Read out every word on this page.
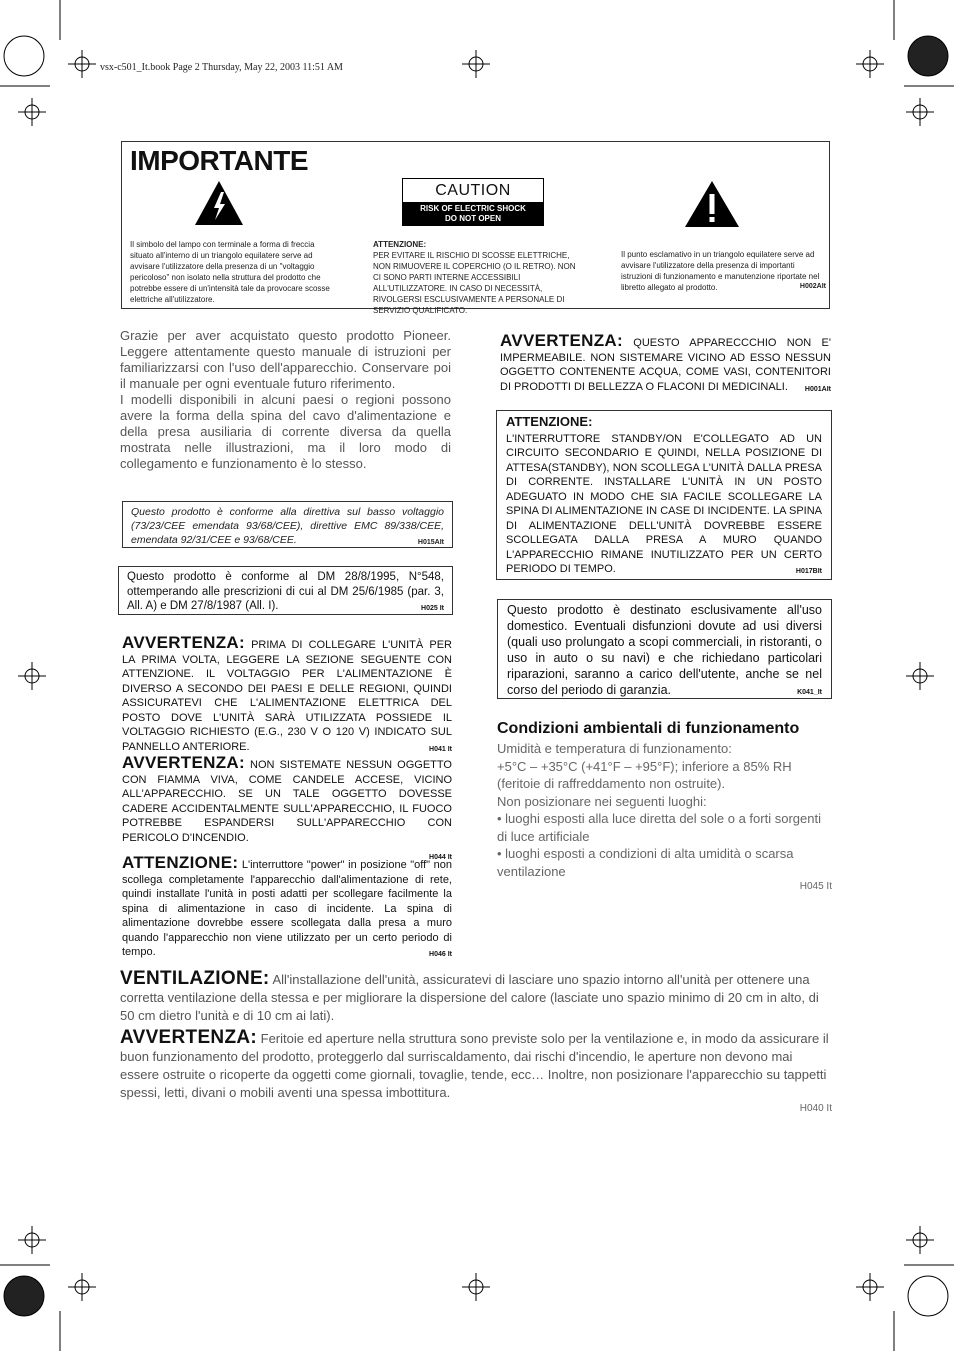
vsx-c501_It.book Page 2 Thursday, May 22, 2003 11:51 AM
IMPORTANTE
CAUTION
RISK OF ELECTRIC SHOCK
DO NOT OPEN
Il simbolo del lampo con terminale a forma di freccia situato all'interno di un triangolo equilatere serve ad avvisare l'utilizzatore della presenza di un "voltaggio pericoloso" non isolato nella struttura del prodotto che potrebbe essere di un'intensità tale da provocare scosse elettriche all'utilizzatore.
ATTENZIONE:
PER EVITARE IL RISCHIO DI SCOSSE ELETTRICHE, NON RIMUOVERE IL COPERCHIO (O IL RETRO). NON CI SONO PARTI INTERNE ACCESSIBILI ALL'UTILIZZATORE. IN CASO DI NECESSITÀ, RIVOLGERSI ESCLUSIVAMENTE A PERSONALE DI SERVIZIO QUALIFICATO.
Il punto esclamativo in un triangolo equilatere serve ad avvisare l'utilizzatore della presenza di importanti istruzioni di funzionamento e manutenzione riportate nel libretto allegato al prodotto.	H002AIt
Grazie per aver acquistato questo prodotto Pioneer. Leggere attentamente questo manuale di istruzioni per familiarizzarsi con l'uso dell'apparecchio. Conservare poi il manuale per ogni eventuale futuro riferimento.
I modelli disponibili in alcuni paesi o regioni possono avere la forma della spina del cavo d'alimentazione e della presa ausiliaria di corrente diversa da quella mostrata nelle illustrazioni, ma il loro modo di collegamento e funzionamento è lo stesso.
Questo prodotto è conforme alla direttiva sul basso voltaggio (73/23/CEE emendata 93/68/CEE), direttive EMC 89/338/CEE, emendata 92/31/CEE e 93/68/CEE.	H015AIt
Questo prodotto è conforme al DM 28/8/1995, N°548, ottemperando alle prescrizioni di cui al DM 25/6/1985 (par. 3, All. A) e DM 27/8/1987 (All. I).	H025 It
AVVERTENZA: PRIMA DI COLLEGARE L'UNITÀ PER LA PRIMA VOLTA, LEGGERE LA SEZIONE SEGUENTE CON ATTENZIONE. IL VOLTAGGIO PER L'ALIMENTAZIONE È DIVERSO A SECONDO DEI PAESI E DELLE REGIONI, QUINDI ASSICURATEVI CHE L'ALIMENTAZIONE ELETTRICA DEL POSTO DOVE L'UNITÀ SARÀ UTILIZZATA POSSIEDE IL VOLTAGGIO RICHIESTO (E.G., 230 V O 120 V) INDICATO SUL PANNELLO ANTERIORE.	H041 It
AVVERTENZA: NON SISTEMATE NESSUN OGGETTO CON FIAMMA VIVA, COME CANDELE ACCESE, VICINO ALL'APPARECCHIO. SE UN TALE OGGETTO DOVESSE CADERE ACCIDENTALMENTE SULL'APPARECCHIO, IL FUOCO POTREBBE ESPANDERSI SULL'APPARECCHIO CON PERICOLO D'INCENDIO.
H044 It
ATTENZIONE: L'interruttore "power" in posizione "off" non scollega completamente l'apparecchio dall'alimentazione di rete, quindi installate l'unità in posti adatti per scollegare facilmente la spina di alimentazione in caso di incidente. La spina di alimentazione dovrebbe essere scollegata dalla presa a muro quando l'apparecchio non viene utilizzato per un certo periodo di tempo.	H046 It
AVVERTENZA: QUESTO APPARECCCHIO NON E' IMPERMEABILE. NON SISTEMARE VICINO AD ESSO NESSUN OGGETTO CONTENENTE ACQUA, COME VASI, CONTENITORI DI PRODOTTI DI BELLEZZA O FLACONI DI MEDICINALI. H001AIt
ATTENZIONE:
L'INTERRUTTORE STANDBY/ON E'COLLEGATO AD UN CIRCUITO SECONDARIO E QUINDI, NELLA POSIZIONE DI ATTESA(STANDBY), NON SCOLLEGA L'UNITÀ DALLA PRESA DI CORRENTE. INSTALLARE L'UNITÀ IN UN POSTO ADEGUATO IN MODO CHE SIA FACILE SCOLLEGARE LA SPINA DI ALIMENTAZIONE IN CASE DI INCIDENTE. LA SPINA DI ALIMENTAZIONE DELL'UNITÀ DOVREBBE ESSERE SCOLLEGATA DALLA PRESA A MURO QUANDO L'APPARECCHIO RIMANE INUTILIZZATO PER UN CERTO PERIODO DI TEMPO.	H017BIt
Questo prodotto è destinato esclusivamente all'uso domestico. Eventuali disfunzioni dovute ad usi diversi (quali uso prolungato a scopi commerciali, in ristoranti, o uso in auto o su navi) e che richiedano particolari riparazioni, saranno a carico dell'utente, anche se nel corso del periodo di garanzia.	K041_It
Condizioni ambientali di funzionamento
Umidità e temperatura di funzionamento:
+5°C – +35°C (+41°F – +95°F); inferiore a 85% RH (feritoie di raffreddamento non ostruite).
Non posizionare nei seguenti luoghi:
• luoghi esposti alla luce diretta del sole o a forti sorgenti di luce artificiale
• luoghi esposti a condizioni di alta umidità o scarsa ventilazione
H045 It
VENTILAZIONE: All'installazione dell'unità, assicuratevi di lasciare uno spazio intorno all'unità per ottenere una corretta ventilazione della stessa e per migliorare la dispersione del calore (lasciate uno spazio minimo di 20 cm in alto, di 50 cm dietro l'unità e di 10 cm ai lati).
AVVERTENZA: Feritoie ed aperture nella struttura sono previste solo per la ventilazione e, in modo da assicurare il buon funzionamento del prodotto, proteggerlo dal surriscaldamento, dai rischi d'incendio, le aperture non devono mai essere ostruite o ricoperte da oggetti come giornali, tovaglie, tende, ecc… Inoltre, non posizionare l'apparecchio su tappetti spessi, letti, divani o mobili aventi una spessa imbottitura.
H040 It
